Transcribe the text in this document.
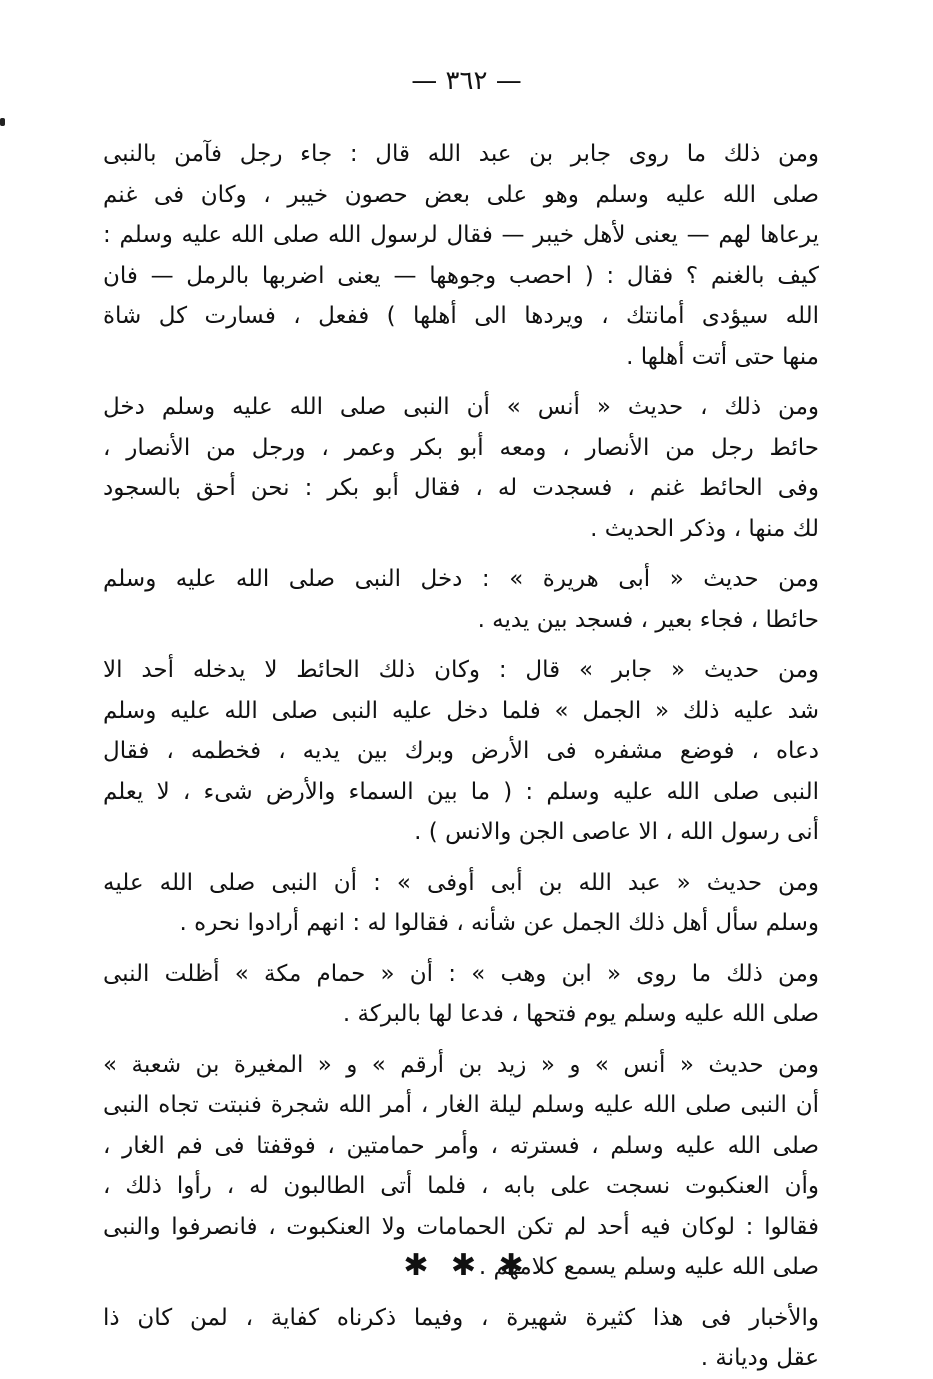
— ٣٦٢ —
ومن ذلك ما روى جابر بن عبد الله قال : جاء رجل فآمن بالنبى
صلى الله عليه وسلم وهو على بعض حصون خيبر ، وكان فى غنم
يرعاها لهم — يعنى لأهل خيبر — فقال لرسول الله صلى الله عليه وسلم :
كيف بالغنم ؟ فقال : ( احصب وجوهها — يعنى اضربها بالرمل — فان
الله سيؤدى أمانتك ، ويردها الى أهلها ) ففعل ، فسارت كل شاة
منها حتى أتت أهلها .
ومن ذلك ، حديث « أنس » أن النبى صلى الله عليه وسلم دخل
حائط رجل من الأنصار ، ومعه أبو بكر وعمر ، ورجل من الأنصار ،
وفى الحائط غنم ، فسجدت له ، فقال أبو بكر : نحن أحق بالسجود
لك منها ، وذكر الحديث .
ومن حديث « أبى هريرة » : دخل النبى صلى الله عليه وسلم
حائطا ، فجاء بعير ، فسجد بين يديه .
ومن حديث « جابر » قال : وكان ذلك الحائط لا يدخله أحد الا
شد عليه ذلك « الجمل » فلما دخل عليه النبى صلى الله عليه وسلم
دعاه ، فوضع مشفره فى الأرض وبرك بين يديه ، فخطمه ، فقال
النبى صلى الله عليه وسلم : ( ما بين السماء والأرض شىء ، لا يعلم
أنى رسول الله ، الا عاصى الجن والانس ) .
ومن حديث « عبد الله بن أبى أوفى » : أن النبى صلى الله عليه
وسلم سأل أهل ذلك الجمل عن شأنه ، فقالوا له : انهم أرادوا نحره .
ومن ذلك ما روى « ابن وهب » : أن « حمام مكة » أظلت النبى
صلى الله عليه وسلم يوم فتحها ، فدعا لها بالبركة .
ومن حديث « أنس » و « زيد بن أرقم » و « المغيرة بن شعبة »
أن النبى صلى الله عليه وسلم ليلة الغار ، أمر الله شجرة فنبتت تجاه النبى
صلى الله عليه وسلم ، فسترته ، وأمر حمامتين ، فوقفتا فى فم الغار ،
وأن العنكبوت نسجت على بابه ، فلما أتى الطالبون له ، رأوا ذلك ،
فقالوا : لوكان فيه أحد لم تكن الحمامات ولا العنكبوت ، فانصرفوا والنبى
صلى الله عليه وسلم يسمع كلامهم .
والأخبار فى هذا كثيرة شهيرة ، وفيما ذكرناه كفاية ، لمن كان ذا
عقل وديانة .
✱ ✱ ✱
